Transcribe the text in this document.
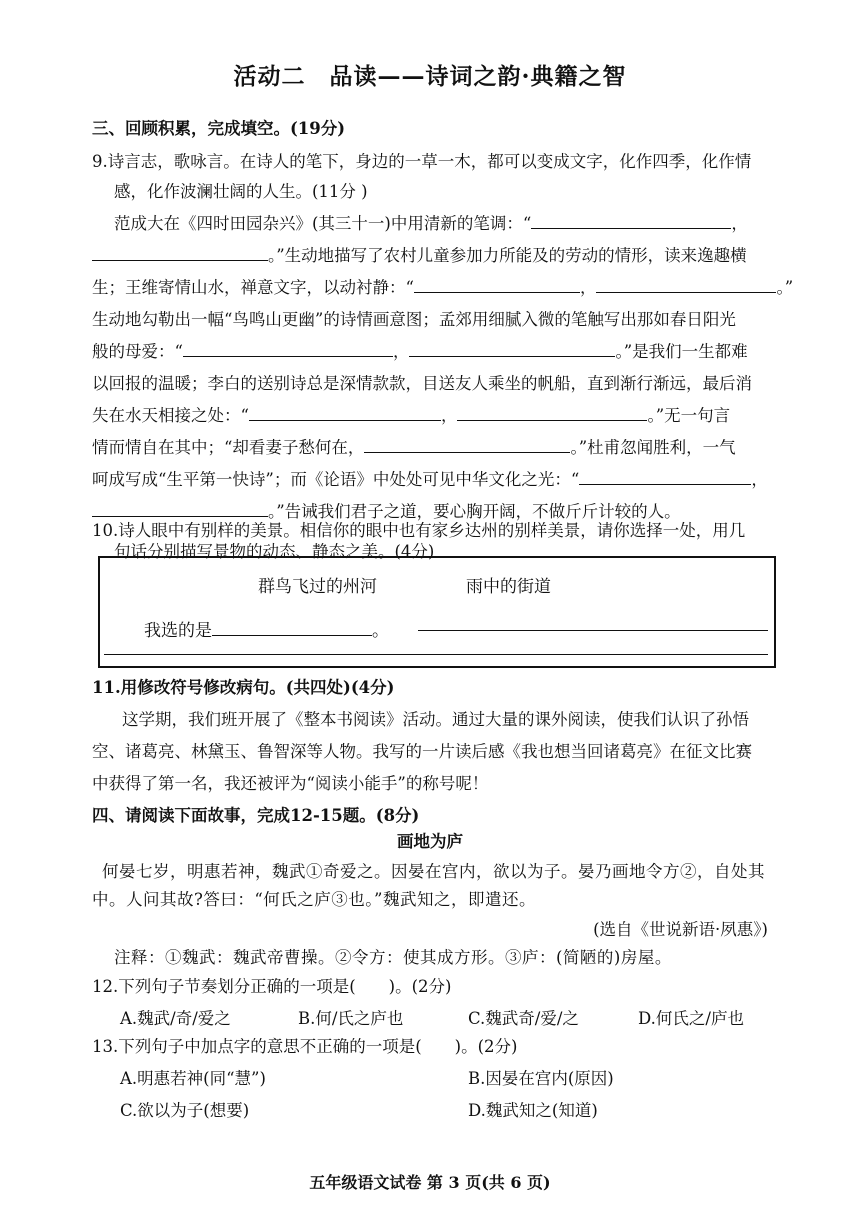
活动二　品读——诗词之韵·典籍之智
三、回顾积累，完成填空。(19分)
9.诗言志，歌咏言。在诗人的笔下，身边的一草一木，都可以变成文字，化作四季，化作情
感，化作波澜壮阔的人生。(11分 )
范成大在《四时田园杂兴》(其三十一)中用清新的笔调：“	，
。”生动地描写了农村儿童参加力所能及的劳动的情形，读来逸趣横
生；王维寄情山水，禅意文字，以动衬静：“	，	。”
生动地勾勒出一幅“鸟鸣山更幽”的诗情画意图；孟郊用细腻入微的笔触写出那如春日阳光
般的母爱：“	，	。”是我们一生都难
以回报的温暖；李白的送别诗总是深情款款，目送友人乘坐的帆船，直到渐行渐远，最后消
失在水天相接之处：“	，	。”无一句言
情而情自在其中；“却看妻子愁何在，	。”杜甫忽闻胜利，一气
呵成写成“生平第一快诗”；而《论语》中处处可见中华文化之光：“	，
。”告诫我们君子之道，要心胸开阔，不做斤斤计较的人。
10.诗人眼中有别样的美景。相信你的眼中也有家乡达州的别样美景，请你选择一处，用几
句话分别描写景物的动态、静态之美。(4分)
群鸟飞过的州河	雨中的街道
我选的是	。
11.用修改符号修改病句。(共四处)(4分)
这学期，我们班开展了《整本书阅读》活动。通过大量的课外阅读，使我们认识了孙悟
空、诸葛亮、林黛玉、鲁智深等人物。我写的一片读后感《我也想当回诸葛亮》在征文比赛
中获得了第一名，我还被评为“阅读小能手”的称号呢！
四、请阅读下面故事，完成12-15题。(8分)
画地为庐
何晏七岁，明惠若神，魏武①奇爱之。因晏在宫内，欲以为子。晏乃画地令方②，自处其
中。人问其故?答曰：“何氏之庐③也。”魏武知之，即遣还。
(选自《世说新语·夙惠》)
注释：①魏武：魏武帝曹操。②令方：使其成方形。③庐：(简陋的)房屋。
12.下列句子节奏划分正确的一项是(　　)。(2分)
A.魏武/奇/爱之	B.何/氏之庐也	C.魏武奇/爱/之	D.何氏之/庐也
13.下列句子中加点字的意思不正确的一项是(　　)。(2分)
A.明惠若神(同“慧”)	B.因晏在宫内(原因)
C.欲以为子(想要)	D.魏武知之(知道)
五年级语文试卷 第 3 页(共 6 页)
